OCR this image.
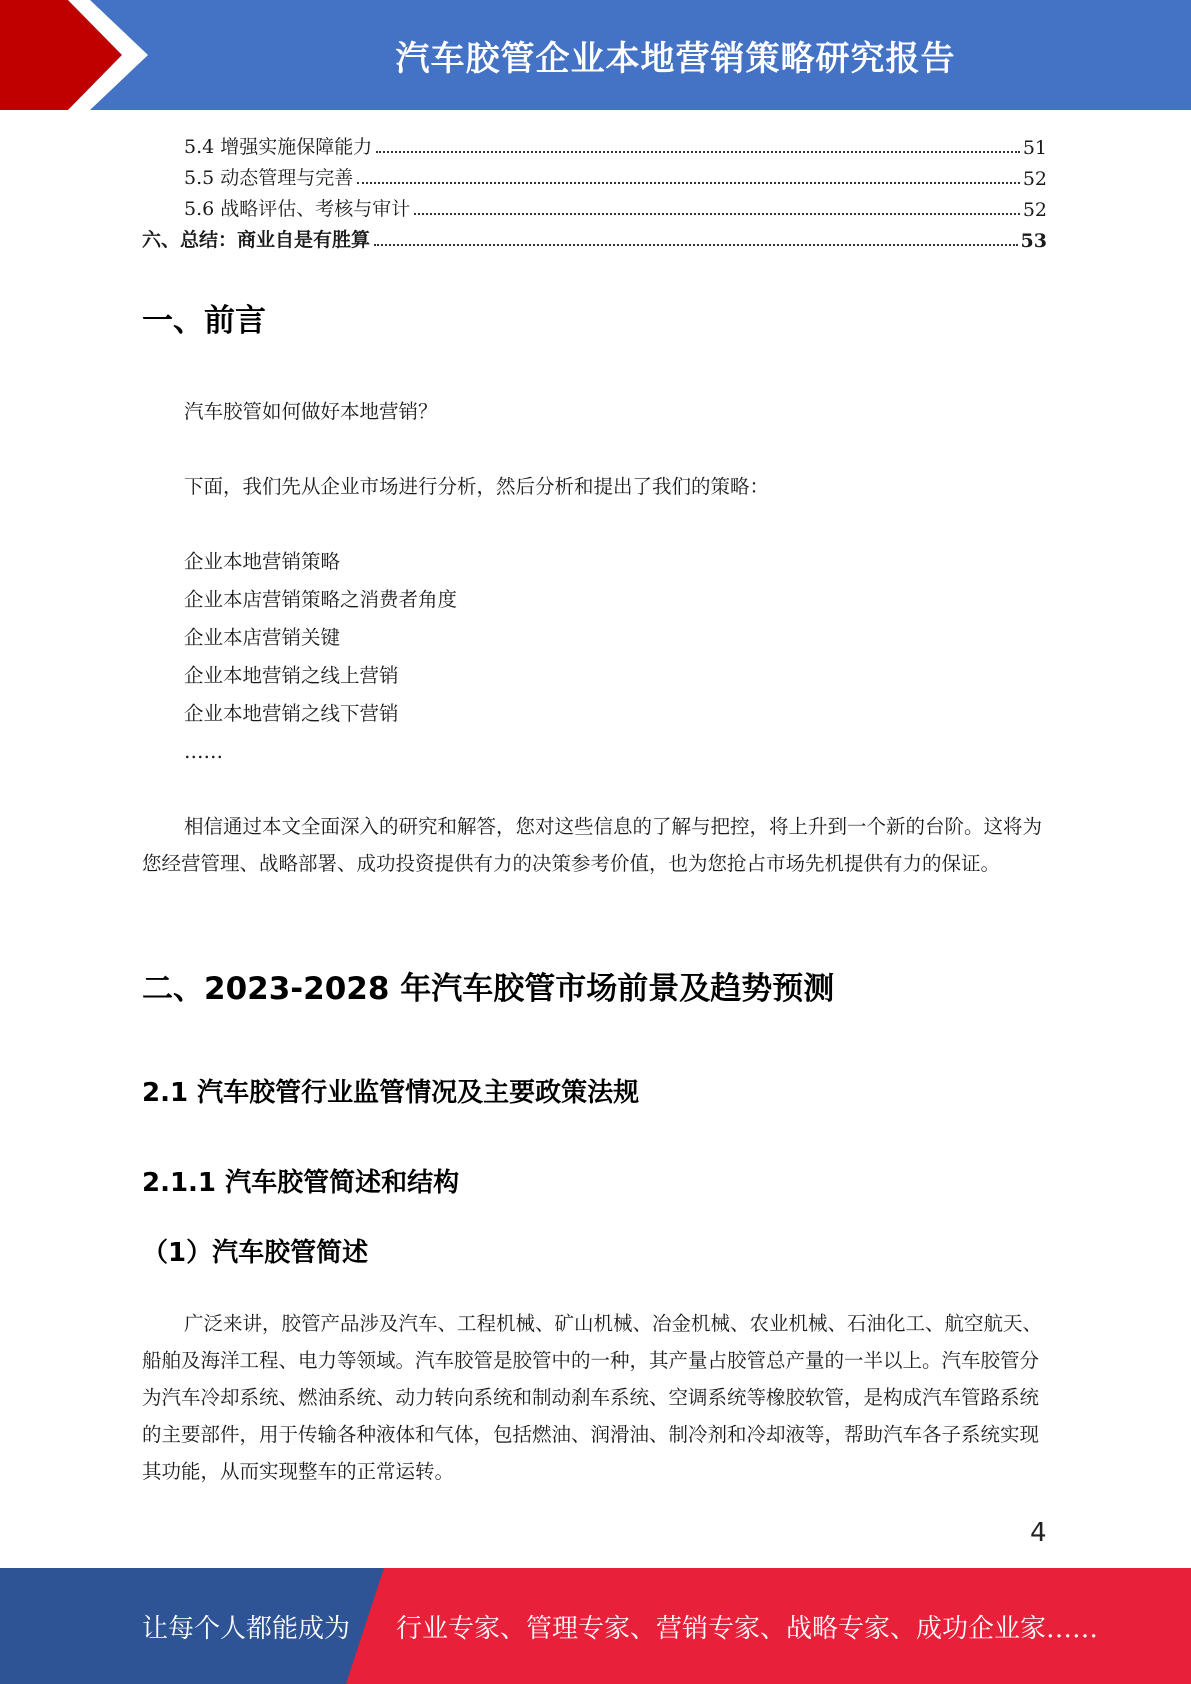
汽车胶管企业本地营销策略研究报告
5.4 增强实施保障能力	51
5.5 动态管理与完善	52
5.6 战略评估、考核与审计	52
六、总结：商业自是有胜算	53
一、前言
汽车胶管如何做好本地营销？
下面，我们先从企业市场进行分析，然后分析和提出了我们的策略：
企业本地营销策略
企业本店营销策略之消费者角度
企业本店营销关键
企业本地营销之线上营销
企业本地营销之线下营销
……
相信通过本文全面深入的研究和解答，您对这些信息的了解与把控，将上升到一个新的台阶。这将为您经营管理、战略部署、成功投资提供有力的决策参考价值，也为您抢占市场先机提供有力的保证。
二、2023-2028 年汽车胶管市场前景及趋势预测
2.1 汽车胶管行业监管情况及主要政策法规
2.1.1 汽车胶管简述和结构
（1）汽车胶管简述
广泛来讲，胶管产品涉及汽车、工程机械、矿山机械、冶金机械、农业机械、石油化工、航空航天、船舶及海洋工程、电力等领域。汽车胶管是胶管中的一种，其产量占胶管总产量的一半以上。汽车胶管分为汽车冷却系统、燃油系统、动力转向系统和制动刹车系统、空调系统等橡胶软管，是构成汽车管路系统的主要部件，用于传输各种液体和气体，包括燃油、润滑油、制冷剂和冷却液等，帮助汽车各子系统实现其功能，从而实现整车的正常运转。
4
让每个人都能成为 行业专家、管理专家、营销专家、战略专家、成功企业家……
